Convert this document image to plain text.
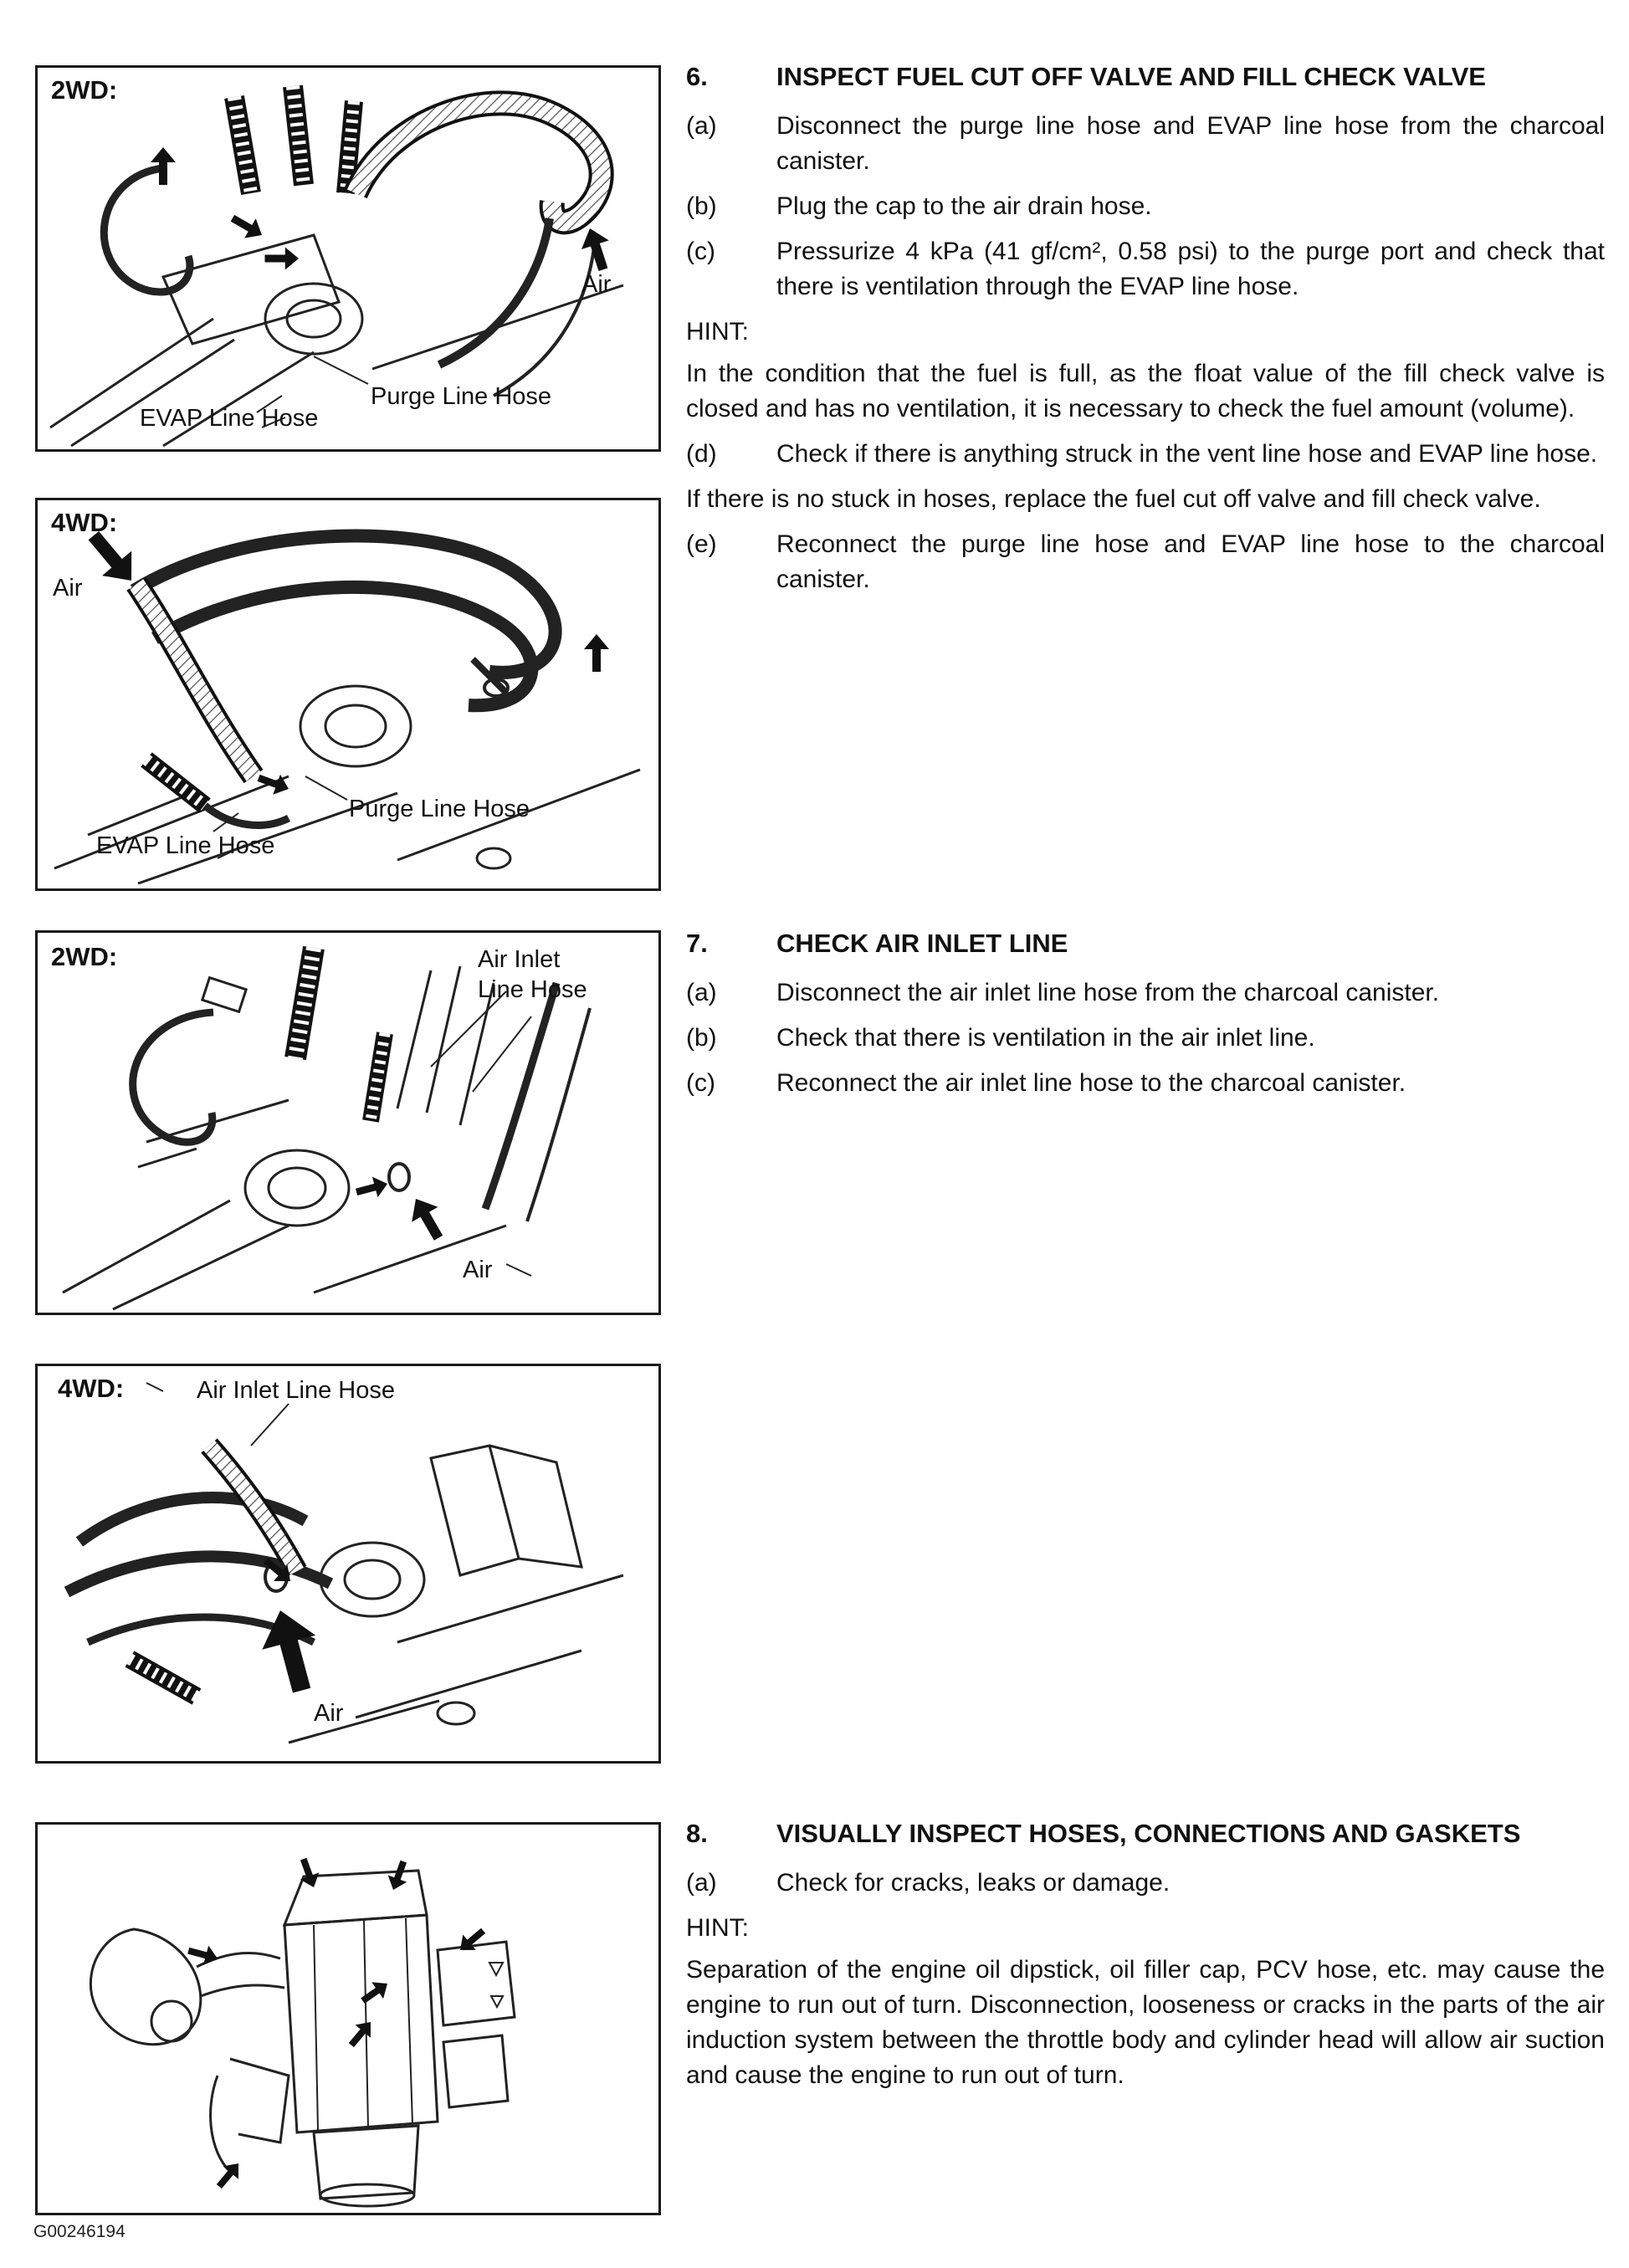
2WD:
Air
Purge Line Hose
EVAP Line Hose
4WD:
Air
Purge Line Hose
EVAP Line Hose
2WD:	Air Inlet Line Hose
Air
4WD:	Air Inlet Line Hose
Air
G00246194
6.	INSPECT FUEL CUT OFF VALVE AND FILL CHECK VALVE
(a)	Disconnect the purge line hose and EVAP line hose from the charcoal canister.
(b)	Plug the cap to the air drain hose.
(c)	Pressurize 4 kPa (41 gf/cm², 0.58 psi) to the purge port and check that there is ventilation through the EVAP line hose.
HINT:
In the condition that the fuel is full, as the float value of the fill check valve is closed and has no ventilation, it is necessary to check the fuel amount (volume).
(d)	Check if there is anything struck in the vent line hose and EVAP line hose.
If there is no stuck in hoses, replace the fuel cut off valve and fill check valve.
(e)	Reconnect the purge line hose and EVAP line hose to the charcoal canister.
7.	CHECK AIR INLET LINE
(a)	Disconnect the air inlet line hose from the charcoal canister.
(b)	Check that there is ventilation in the air inlet line.
(c)	Reconnect the air inlet line hose to the charcoal canister.
8.	VISUALLY INSPECT HOSES, CONNECTIONS AND GASKETS
(a)	Check for cracks, leaks or damage.
HINT:
Separation of the engine oil dipstick, oil filler cap, PCV hose, etc. may cause the engine to run out of turn. Disconnection, looseness or cracks in the parts of the air induction system between the throttle body and cylinder head will allow air suction and cause the engine to run out of turn.
